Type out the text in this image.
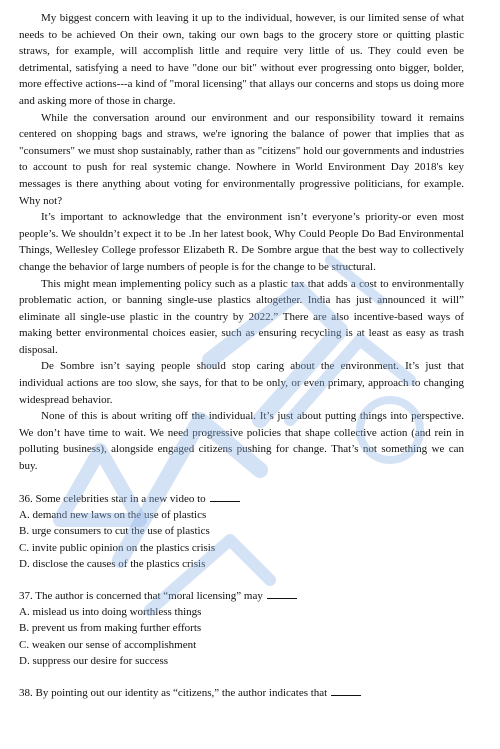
My biggest concern with leaving it up to the individual, however, is our limited sense of what needs to be achieved On their own, taking our own bags to the grocery store or quitting plastic straws, for example, will accomplish little and require very little of us. They could even be detrimental, satisfying a need to have "done our bit" without ever progressing onto bigger, bolder, more effective actions---a kind of "moral licensing" that allays our concerns and stops us doing more and asking more of those in charge.

While the conversation around our environment and our responsibility toward it remains centered on shopping bags and straws, we're ignoring the balance of power that implies that as "consumers" we must shop sustainably, rather than as "citizens" hold our governments and industries to account to push for real systemic change. Nowhere in World Environment Day 2018's key messages is there anything about voting for environmentally progressive politicians, for example. Why not?

It’s important to acknowledge that the environment isn’t everyone’s priority-or even most people’s. We shouldn’t expect it to be .In her latest book, Why Could People Do Bad Environmental Things, Wellesley College professor Elizabeth R. De Sombre argue that the best way to collectively change the behavior of large numbers of people is for the change to be structural.

This might mean implementing policy such as a plastic tax that adds a cost to environmentally problematic action, or banning single-use plastics altogether. India has just announced it will” eliminate all single-use plastic in the country by 2022.” There are also incentive-based ways of making better environmental choices easier, such as ensuring recycling is at least as easy as trash disposal.

De Sombre isn’t saying people should stop caring about the environment. It’s just that individual actions are too slow, she says, for that to be only, or even primary, approach to changing widespread behavior.

None of this is about writing off the individual. It’s just about putting things into perspective. We don’t have time to wait. We need progressive policies that shape collective action (and rein in polluting business), alongside engaged citizens pushing for change. That’s not something we can buy.

36. Some celebrities star in a new video to

A. demand new laws on the use of plastics

B. urge consumers to cut the use of plastics

C. invite public opinion on the plastics crisis

D. disclose the causes of the plastics crisis

37. The author is concerned that “moral licensing” may

A. mislead us into doing worthless things

B. prevent us from making further efforts

C. weaken our sense of accomplishment

D. suppress our desire for success

38. By pointing out our identity as “citizens,” the author indicates that
